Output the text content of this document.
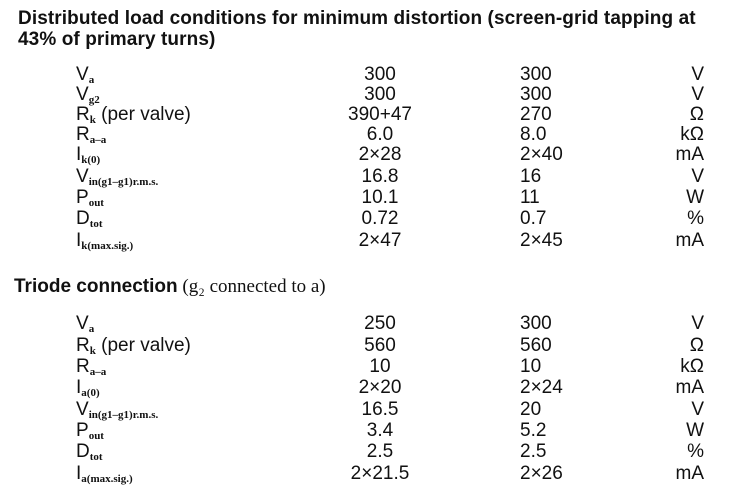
Distributed load conditions for minimum distortion (screen-grid tapping at 43% of primary turns)
$V_a$	300	300	V
$V_{g2}$	300	300	V
$R_k$ (per valve)	390+47	270	Ω
$R_{a-a}$	6.0	8.0	kΩ
$I_{k(0)}$	2×28	2×40	mA
$V_{in(g1-g1)r.m.s.}$	16.8	16	V
$P_{out}$	10.1	11	W
$D_{tot}$	0.72	0.7	%
$I_{k(max.sig.)}$	2×47	2×45	mA
Triode connection (g₂ connected to a)
$V_a$	250	300	V
$R_k$ (per valve)	560	560	Ω
$R_{a-a}$	10	10	kΩ
$I_{a(0)}$	2×20	2×24	mA
$V_{in(g1-g1)r.m.s.}$	16.5	20	V
$P_{out}$	3.4	5.2	W
$D_{tot}$	2.5	2.5	%
$I_{a(max.sig.)}$	2×21.5	2×26	mA
